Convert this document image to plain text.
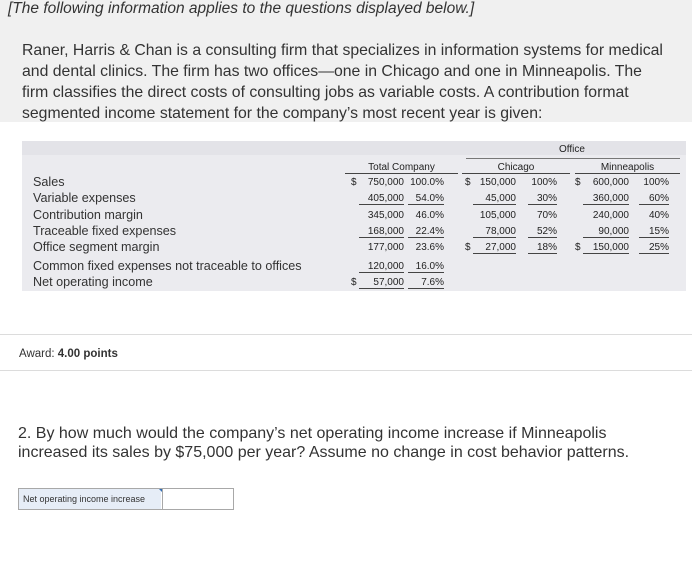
[The following information applies to the questions displayed below.]
Raner, Harris & Chan is a consulting firm that specializes in information systems for medical
and dental clinics. The firm has two offices—one in Chicago and one in Minneapolis. The
firm classifies the direct costs of consulting jobs as variable costs. A contribution format
segmented income statement for the company’s most recent year is given:
Office
Total Company	Chicago	Minneapolis
Sales	$	750,000 100.0% $ 150,000	100% $	600,000	100%
Variable expenses	405,000	54.0%	45,000	30%	360,000	60%
Contribution margin	345,000	46.0%	105,000	70%	240,000	40%
Traceable fixed expenses	168,000	22.4%	78,000	52%	90,000	15%
Office segment margin	177,000	23.6% $	27,000	18% $	150,000	25%
Common fixed expenses not traceable to offices	120,000	16.0%
Net operating income	$	57,000	7.6%
Award: 4.00 points
2. By how much would the company’s net operating income increase if Minneapolis
increased its sales by $75,000 per year? Assume no change in cost behavior patterns.
Net operating income increase
